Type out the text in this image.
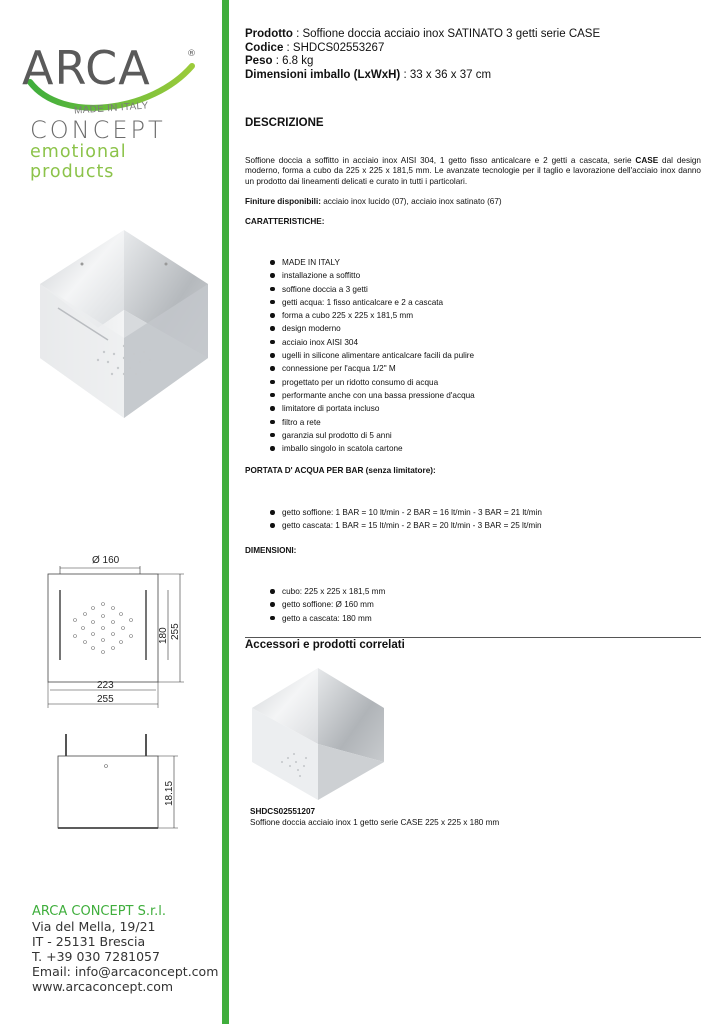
ARCA	®
MADE IN ITALY
CONCEPT
emotional products
Ø 160
180 255
223
255
18.15
ARCA CONCEPT S.r.l.
Via del Mella, 19/21
IT - 25131 Brescia
T. +39 030 7281057
Email: info@arcaconcept.com
www.arcaconcept.com
Prodotto : Soffione doccia acciaio inox SATINATO 3 getti serie CASE
Codice : SHDCS02553267
Peso : 6.8 kg
Dimensioni imballo (LxWxH) : 33 x 36 x 37 cm
DESCRIZIONE
Soffione doccia a soffitto in acciaio inox AISI 304, 1 getto fisso anticalcare e 2 getti a cascata, serie CASE dal design moderno, forma a cubo da 225 x 225 x 181,5 mm. Le avanzate tecnologie per il taglio e lavorazione dell'acciaio inox danno un prodotto dai lineamenti delicati e curato in tutti i particolari.
Finiture disponibili: acciaio inox lucido (07), acciaio inox satinato (67)
CARATTERISTICHE:
MADE IN ITALY
installazione a soffitto
soffione doccia a 3 getti
getti acqua: 1 fisso anticalcare e 2 a cascata
forma a cubo 225 x 225 x 181,5 mm
design moderno
acciaio inox AISI 304
ugelli in silicone alimentare anticalcare facili da pulire
connessione per l'acqua 1/2" M
progettato per un ridotto consumo di acqua
performante anche con una bassa pressione d'acqua
limitatore di portata incluso
filtro a rete
garanzia sul prodotto di 5 anni
imballo singolo in scatola cartone
PORTATA D' ACQUA PER BAR (senza limitatore):
getto soffione: 1 BAR = 10 lt/min - 2 BAR = 16 lt/min - 3 BAR = 21 lt/min
getto cascata: 1 BAR = 15 lt/min - 2 BAR = 20 lt/min - 3 BAR = 25 lt/min
DIMENSIONI:
cubo: 225 x 225 x 181,5 mm
getto soffione: Ø 160 mm
getto a cascata: 180 mm
Accessori e prodotti correlati
SHDCS02551207
Soffione doccia acciaio inox 1 getto serie CASE 225 x 225 x 180 mm
